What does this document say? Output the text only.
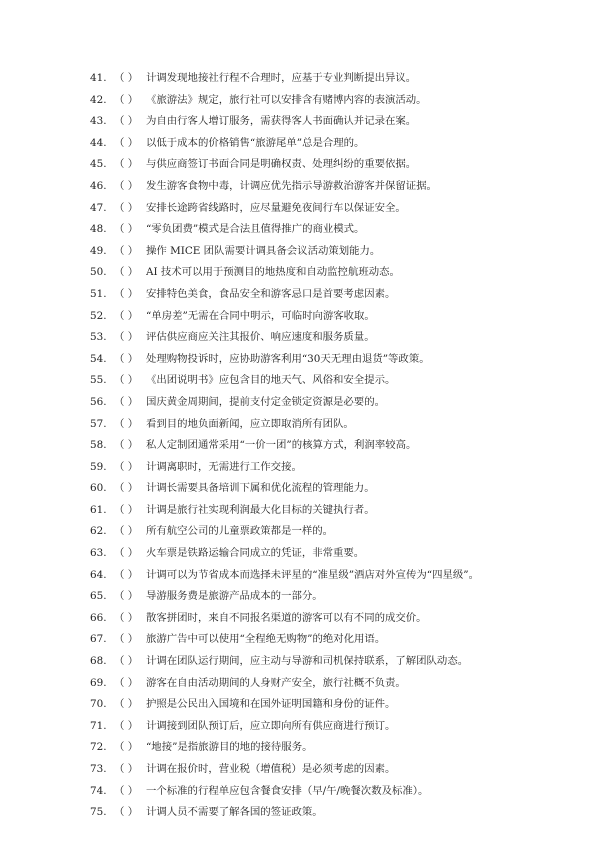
41. （ ） 计调发现地接社行程不合理时，应基于专业判断提出异议。
42. （ ） 《旅游法》规定，旅行社可以安排含有赌博内容的表演活动。
43. （ ） 为自由行客人增订服务，需获得客人书面确认并记录在案。
44. （ ） 以低于成本的价格销售“旅游尾单”总是合理的。
45. （ ） 与供应商签订书面合同是明确权责、处理纠纷的重要依据。
46. （ ） 发生游客食物中毒，计调应优先指示导游救治游客并保留证据。
47. （ ） 安排长途跨省线路时，应尽量避免夜间行车以保证安全。
48. （ ） “零负团费”模式是合法且值得推广的商业模式。
49. （ ） 操作 MICE 团队需要计调具备会议活动策划能力。
50. （ ） AI 技术可以用于预测目的地热度和自动监控航班动态。
51. （ ） 安排特色美食，食品安全和游客忌口是首要考虑因素。
52. （ ） “单房差”无需在合同中明示，可临时向游客收取。
53. （ ） 评估供应商应关注其报价、响应速度和服务质量。
54. （ ） 处理购物投诉时，应协助游客利用“30天无理由退货”等政策。
55. （ ） 《出团说明书》应包含目的地天气、风俗和安全提示。
56. （ ） 国庆黄金周期间，提前支付定金锁定资源是必要的。
57. （ ） 看到目的地负面新闻，应立即取消所有团队。
58. （ ） 私人定制团通常采用“一价一团”的核算方式，利润率较高。
59. （ ） 计调离职时，无需进行工作交接。
60. （ ） 计调长需要具备培训下属和优化流程的管理能力。
61. （ ） 计调是旅行社实现利润最大化目标的关键执行者。
62. （ ） 所有航空公司的儿童票政策都是一样的。
63. （ ） 火车票是铁路运输合同成立的凭证，非常重要。
64. （ ） 计调可以为节省成本而选择未评星的“准星级”酒店对外宣传为“四星级”。
65. （ ） 导游服务费是旅游产品成本的一部分。
66. （ ） 散客拼团时，来自不同报名渠道的游客可以有不同的成交价。
67. （ ） 旅游广告中可以使用“全程绝无购物”的绝对化用语。
68. （ ） 计调在团队运行期间，应主动与导游和司机保持联系，了解团队动态。
69. （ ） 游客在自由活动期间的人身财产安全，旅行社概不负责。
70. （ ） 护照是公民出入国境和在国外证明国籍和身份的证件。
71. （ ） 计调接到团队预订后，应立即向所有供应商进行预订。
72. （ ） “地接”是指旅游目的地的接待服务。
73. （ ） 计调在报价时，营业税（增值税）是必须考虑的因素。
74. （ ） 一个标准的行程单应包含餐食安排（早/午/晚餐次数及标准）。
75. （ ） 计调人员不需要了解各国的签证政策。
